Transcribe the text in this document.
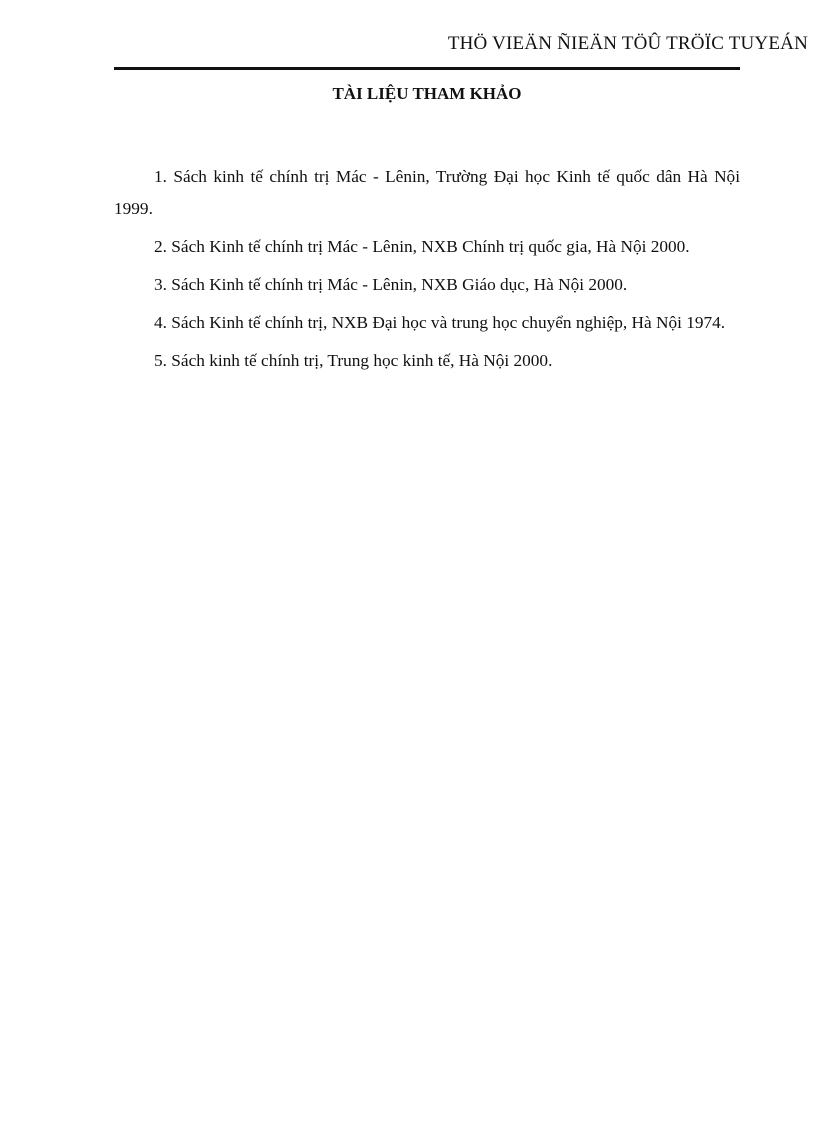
THÖ VIEÄN ÑIEÄN TÖÛ TRÖÏC TUYEÁN
TÀI LIỆU THAM KHẢO
1. Sách kinh tế chính trị Mác - Lênin, Trường Đại học Kinh tế quốc dân Hà Nội 1999.
2. Sách Kinh tế chính trị Mác - Lênin, NXB Chính trị quốc gia, Hà Nội 2000.
3. Sách Kinh tế chính trị Mác - Lênin, NXB Giáo dục, Hà Nội 2000.
4. Sách Kinh tế chính trị, NXB Đại học và trung học chuyển nghiệp, Hà Nội 1974.
5. Sách kinh tế chính trị, Trung học kinh tế, Hà Nội 2000.
